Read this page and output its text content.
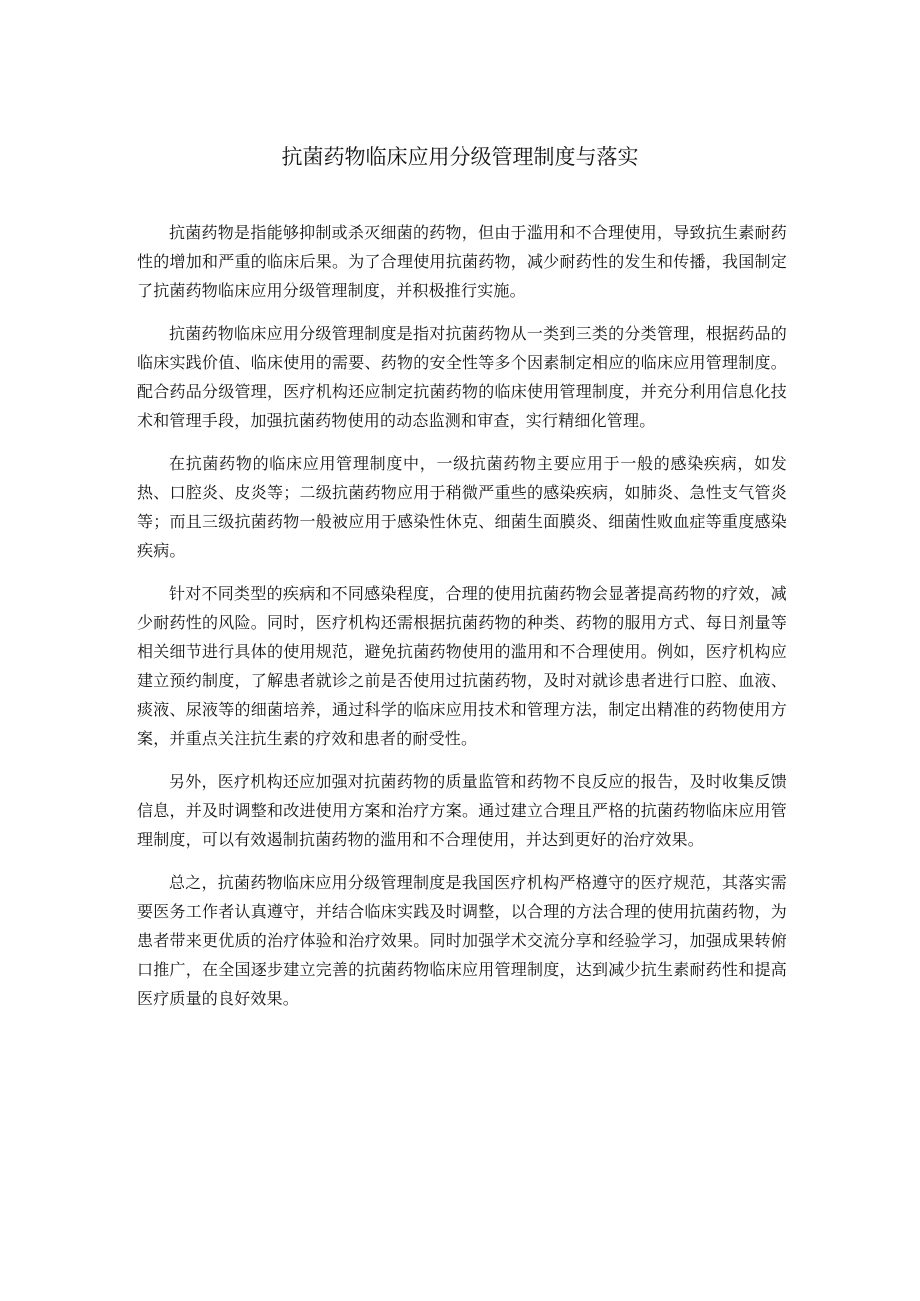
抗菌药物临床应用分级管理制度与落实

抗菌药物是指能够抑制或杀灭细菌的药物，但由于滥用和不合理使用，导致抗生素耐药性的增加和严重的临床后果。为了合理使用抗菌药物，减少耐药性的发生和传播，我国制定了抗菌药物临床应用分级管理制度，并积极推行实施。

抗菌药物临床应用分级管理制度是指对抗菌药物从一类到三类的分类管理，根据药品的临床实践价值、临床使用的需要、药物的安全性等多个因素制定相应的临床应用管理制度。配合药品分级管理，医疗机构还应制定抗菌药物的临床使用管理制度，并充分利用信息化技术和管理手段，加强抗菌药物使用的动态监测和审查，实行精细化管理。

在抗菌药物的临床应用管理制度中，一级抗菌药物主要应用于一般的感染疾病，如发热、口腔炎、皮炎等；二级抗菌药物应用于稍微严重些的感染疾病，如肺炎、急性支气管炎等；而且三级抗菌药物一般被应用于感染性休克、细菌生面膜炎、细菌性败血症等重度感染疾病。

针对不同类型的疾病和不同感染程度，合理的使用抗菌药物会显著提高药物的疗效，减少耐药性的风险。同时，医疗机构还需根据抗菌药物的种类、药物的服用方式、每日剂量等相关细节进行具体的使用规范，避免抗菌药物使用的滥用和不合理使用。例如，医疗机构应建立预约制度，了解患者就诊之前是否使用过抗菌药物，及时对就诊患者进行口腔、血液、痰液、尿液等的细菌培养，通过科学的临床应用技术和管理方法，制定出精准的药物使用方案，并重点关注抗生素的疗效和患者的耐受性。

另外，医疗机构还应加强对抗菌药物的质量监管和药物不良反应的报告，及时收集反馈信息，并及时调整和改进使用方案和治疗方案。通过建立合理且严格的抗菌药物临床应用管理制度，可以有效遏制抗菌药物的滥用和不合理使用，并达到更好的治疗效果。

总之，抗菌药物临床应用分级管理制度是我国医疗机构严格遵守的医疗规范，其落实需要医务工作者认真遵守，并结合临床实践及时调整，以合理的方法合理的使用抗菌药物，为患者带来更优质的治疗体验和治疗效果。同时加强学术交流分享和经验学习，加强成果转俯口推广，在全国逐步建立完善的抗菌药物临床应用管理制度，达到减少抗生素耐药性和提高医疗质量的良好效果。
